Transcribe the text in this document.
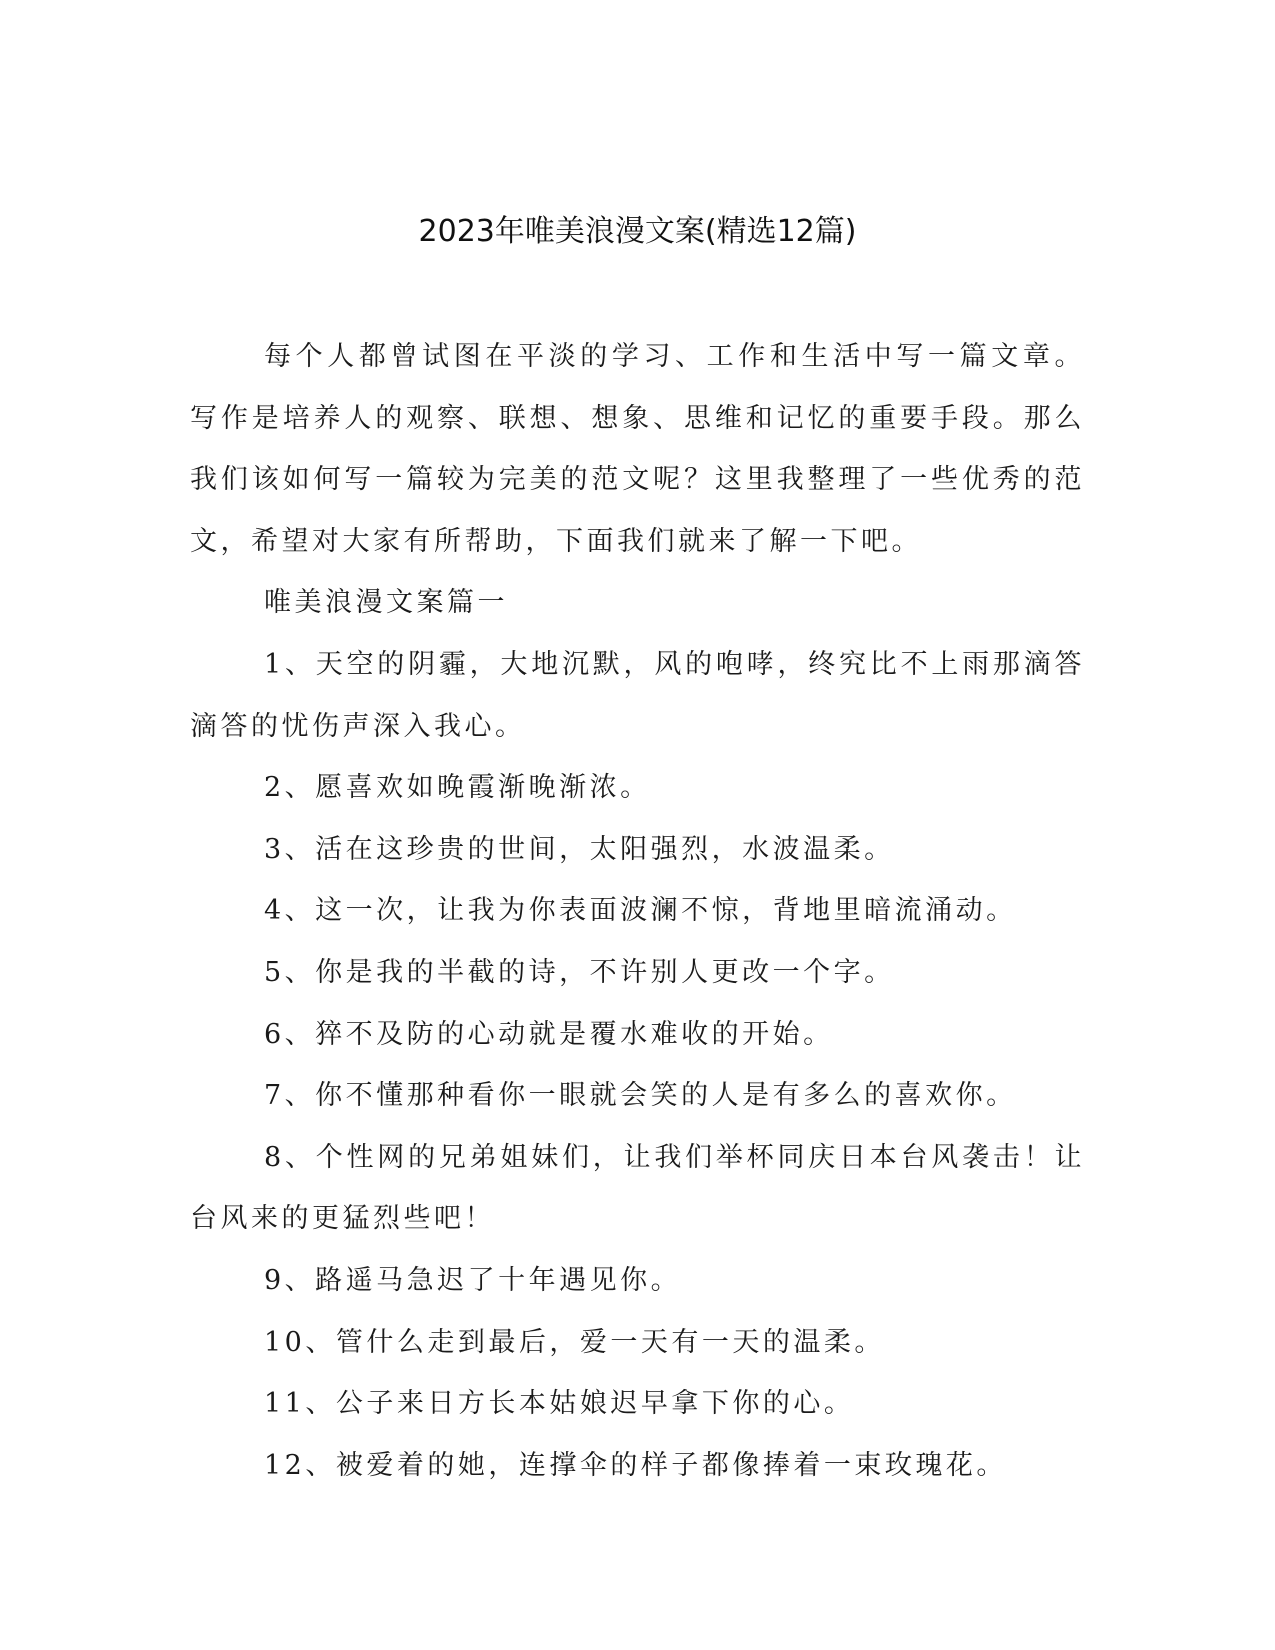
2023年唯美浪漫文案(精选12篇)

每个人都曾试图在平淡的学习、工作和生活中写一篇文章。写作是培养人的观察、联想、想象、思维和记忆的重要手段。那么我们该如何写一篇较为完美的范文呢？这里我整理了一些优秀的范文，希望对大家有所帮助，下面我们就来了解一下吧。

唯美浪漫文案篇一

1、天空的阴霾，大地沉默，风的咆哮，终究比不上雨那滴答滴答的忧伤声深入我心。

2、愿喜欢如晚霞渐晚渐浓。

3、活在这珍贵的世间，太阳强烈，水波温柔。

4、这一次，让我为你表面波澜不惊，背地里暗流涌动。

5、你是我的半截的诗，不许别人更改一个字。

6、猝不及防的心动就是覆水难收的开始。

7、你不懂那种看你一眼就会笑的人是有多么的喜欢你。

8、个性网的兄弟姐妹们，让我们举杯同庆日本台风袭击！让台风来的更猛烈些吧！

9、路遥马急迟了十年遇见你。

10、管什么走到最后，爱一天有一天的温柔。

11、公子来日方长本姑娘迟早拿下你的心。

12、被爱着的她，连撑伞的样子都像捧着一束玫瑰花。
